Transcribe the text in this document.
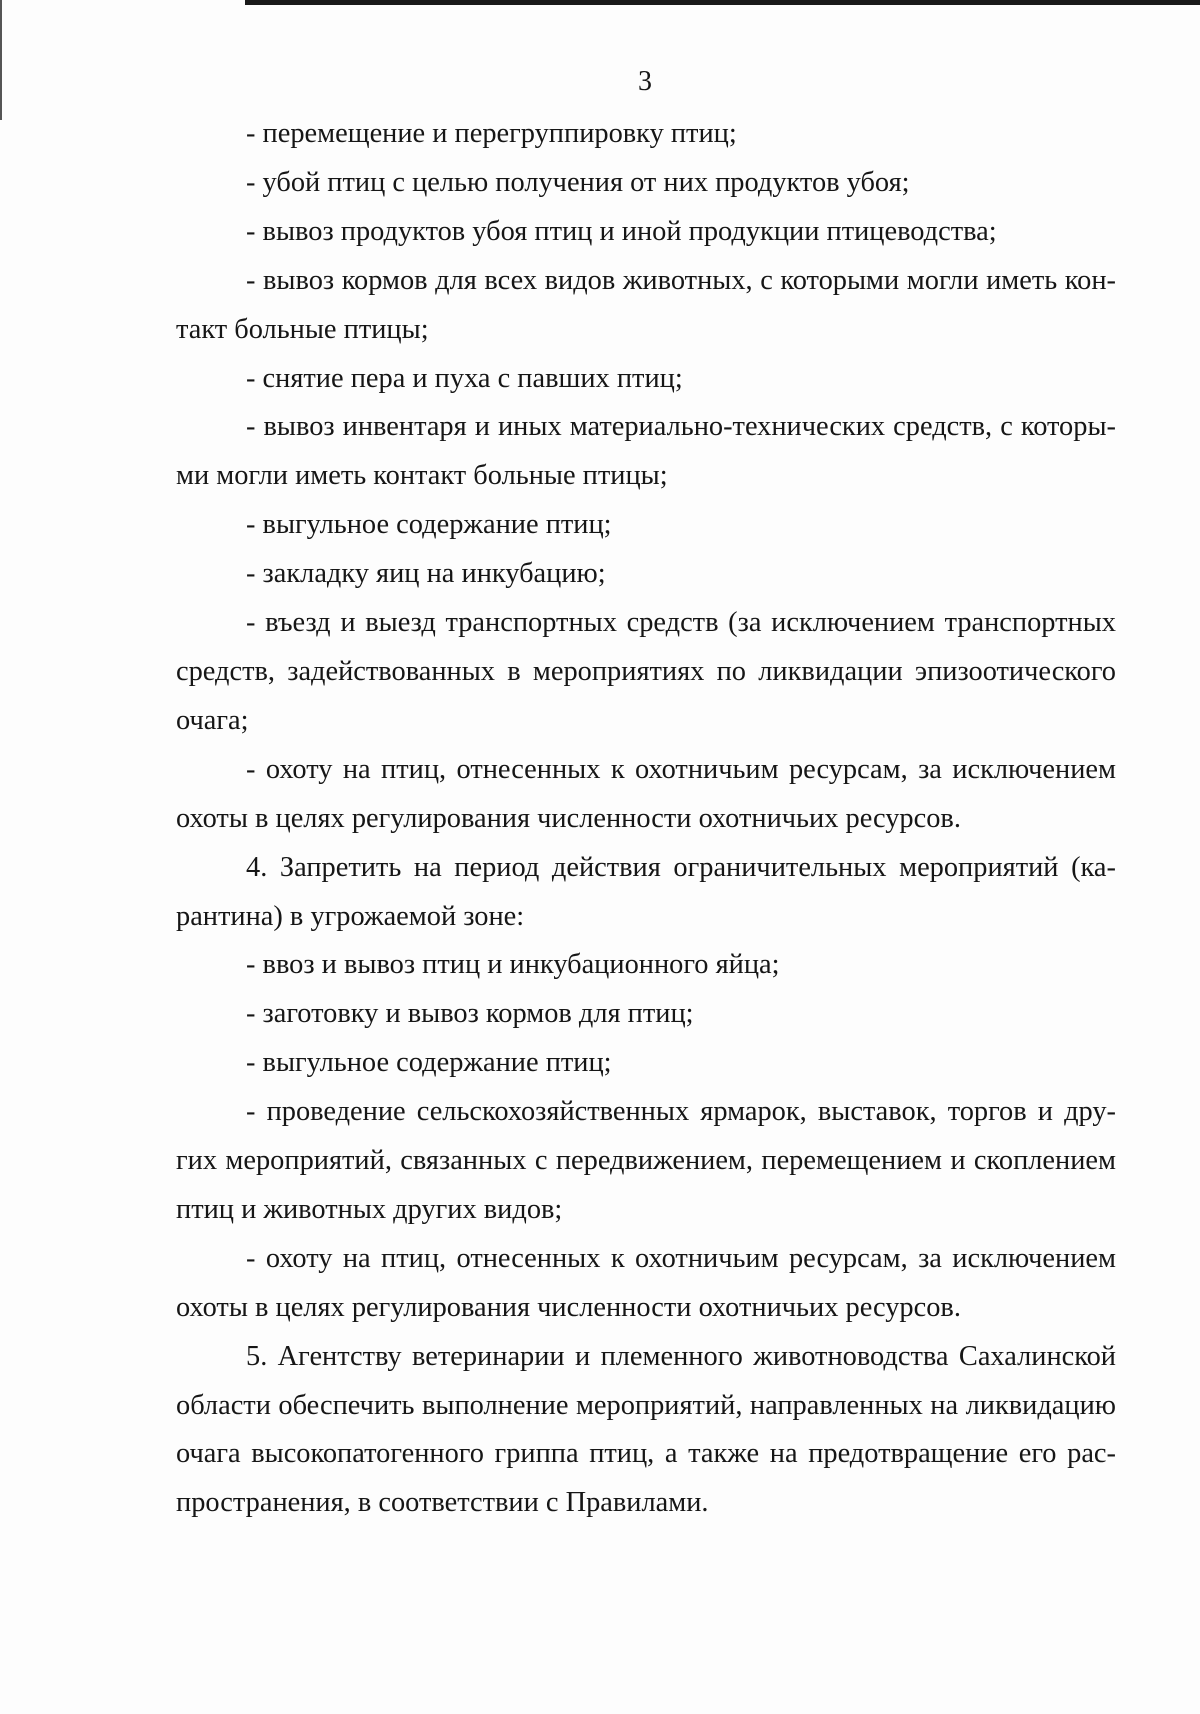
3

- перемещение и перегруппировку птиц;

- убой птиц с целью получения от них продуктов убоя;

- вывоз продуктов убоя птиц и иной продукции птицеводства;

- вывоз кормов для всех видов животных, с которыми могли иметь контакт больные птицы;

- снятие пера и пуха с павших птиц;

- вывоз инвентаря и иных материально-технических средств, с которыми могли иметь контакт больные птицы;

- выгульное содержание птиц;

- закладку яиц на инкубацию;

- въезд и выезд транспортных средств (за исключением транспортных средств, задействованных в мероприятиях по ликвидации эпизоотического очага;

- охоту на птиц, отнесенных к охотничьим ресурсам, за исключением охоты в целях регулирования численности охотничьих ресурсов.

4. Запретить на период действия ограничительных мероприятий (карантина) в угрожаемой зоне:

- ввоз и вывоз птиц и инкубационного яйца;

- заготовку и вывоз кормов для птиц;

- выгульное содержание птиц;

- проведение сельскохозяйственных ярмарок, выставок, торгов и других мероприятий, связанных с передвижением, перемещением и скоплением птиц и животных других видов;

- охоту на птиц, отнесенных к охотничьим ресурсам, за исключением охоты в целях регулирования численности охотничьих ресурсов.

5. Агентству ветеринарии и племенного животноводства Сахалинской области обеспечить выполнение мероприятий, направленных на ликвидацию очага высокопатогенного гриппа птиц, а также на предотвращение его распространения, в соответствии с Правилами.
